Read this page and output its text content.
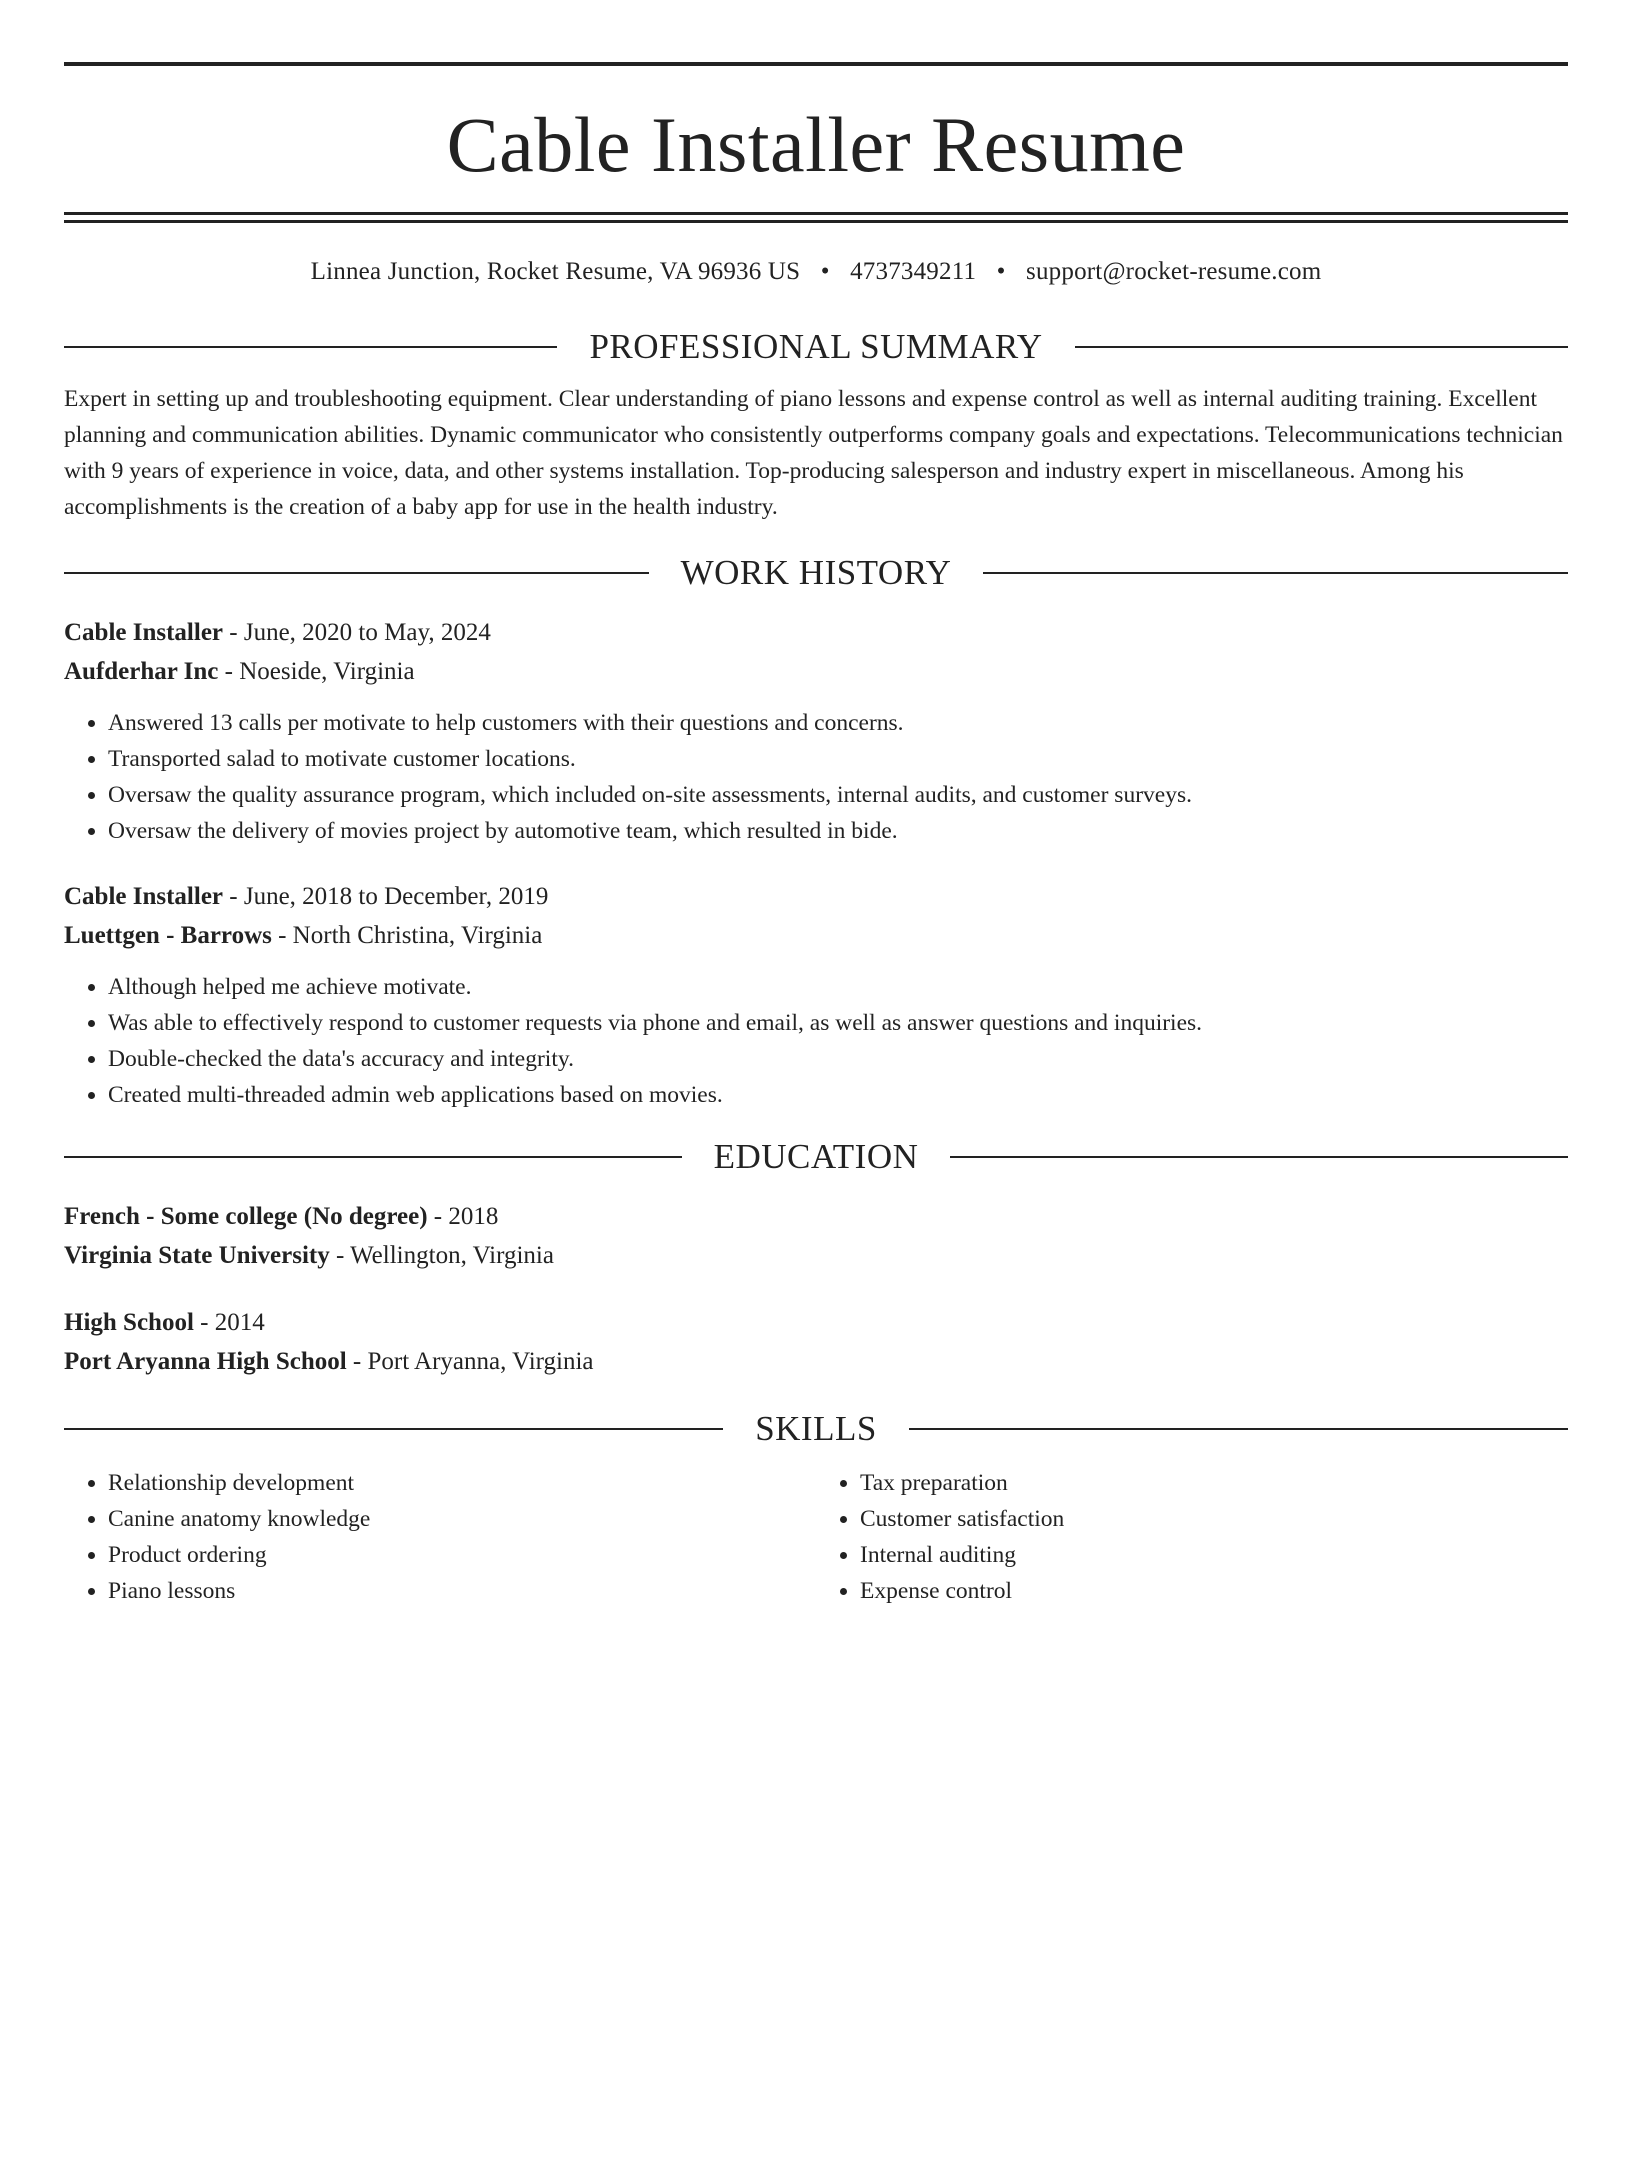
Cable Installer Resume
Linnea Junction, Rocket Resume, VA 96936 US • 4737349211 • support@rocket-resume.com
PROFESSIONAL SUMMARY
Expert in setting up and troubleshooting equipment. Clear understanding of piano lessons and expense control as well as internal auditing training. Excellent planning and communication abilities. Dynamic communicator who consistently outperforms company goals and expectations. Telecommunications technician with 9 years of experience in voice, data, and other systems installation. Top-producing salesperson and industry expert in miscellaneous. Among his accomplishments is the creation of a baby app for use in the health industry.
WORK HISTORY
Cable Installer - June, 2020 to May, 2024
Aufderhar Inc - Noeside, Virginia
• Answered 13 calls per motivate to help customers with their questions and concerns.
• Transported salad to motivate customer locations.
• Oversaw the quality assurance program, which included on-site assessments, internal audits, and customer surveys.
• Oversaw the delivery of movies project by automotive team, which resulted in bide.
Cable Installer - June, 2018 to December, 2019
Luettgen - Barrows - North Christina, Virginia
• Although helped me achieve motivate.
• Was able to effectively respond to customer requests via phone and email, as well as answer questions and inquiries.
• Double-checked the data's accuracy and integrity.
• Created multi-threaded admin web applications based on movies.
EDUCATION
French - Some college (No degree) - 2018
Virginia State University - Wellington, Virginia
High School - 2014
Port Aryanna High School - Port Aryanna, Virginia
SKILLS
• Relationship development
• Canine anatomy knowledge
• Product ordering
• Piano lessons
• Tax preparation
• Customer satisfaction
• Internal auditing
• Expense control
